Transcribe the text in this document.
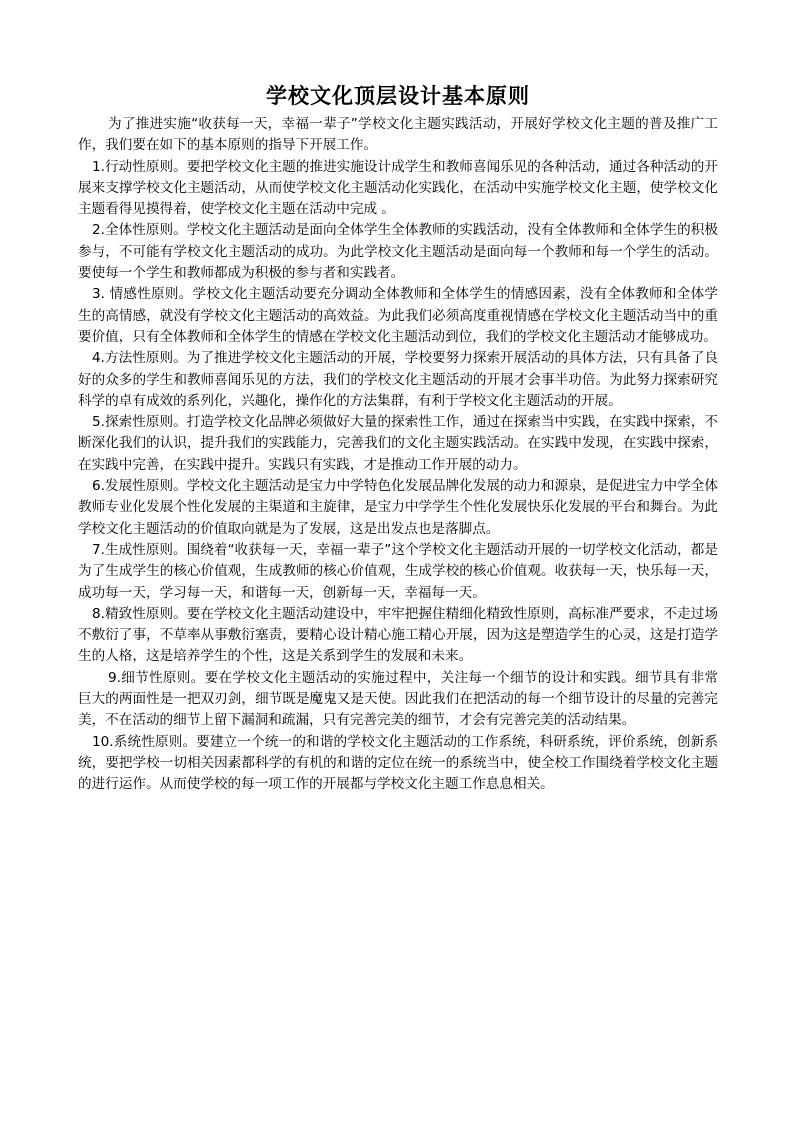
学校文化顶层设计基本原则

为了推进实施“收获每一天，幸福一辈子”学校文化主题实践活动，开展好学校文化主题的普及推广工作，我们要在如下的基本原则的指导下开展工作。

1.行动性原则。要把学校文化主题的推进实施设计成学生和教师喜闻乐见的各种活动，通过各种活动的开展来支撑学校文化主题活动，从而使学校文化主题活动化实践化，在活动中实施学校文化主题，使学校文化主题看得见摸得着，使学校文化主题在活动中完成 。

2.全体性原则。学校文化主题活动是面向全体学生全体教师的实践活动，没有全体教师和全体学生的积极参与，不可能有学校文化主题活动的成功。为此学校文化主题活动是面向每一个教师和每一个学生的活动。要使每一个学生和教师都成为积极的参与者和实践者。

3. 情感性原则。学校文化主题活动要充分调动全体教师和全体学生的情感因素，没有全体教师和全体学生的高情感，就没有学校文化主题活动的高效益。为此我们必须高度重视情感在学校文化主题活动当中的重要价值，只有全体教师和全体学生的情感在学校文化主题活动到位，我们的学校文化主题活动才能够成功。

4.方法性原则。为了推进学校文化主题活动的开展，学校要努力探索开展活动的具体方法，只有具备了良好的众多的学生和教师喜闻乐见的方法，我们的学校文化主题活动的开展才会事半功倍。为此努力探索研究科学的卓有成效的系列化，兴趣化，操作化的方法集群，有利于学校文化主题活动的开展。

5.探索性原则。打造学校文化品牌必须做好大量的探索性工作，通过在探索当中实践，在实践中探索，不断深化我们的认识，提升我们的实践能力，完善我们的文化主题实践活动。在实践中发现，在实践中探索，在实践中完善，在实践中提升。实践只有实践，才是推动工作开展的动力。

6.发展性原则。学校文化主题活动是宝力中学特色化发展品牌化发展的动力和源泉，是促进宝力中学全体教师专业化发展个性化发展的主渠道和主旋律，是宝力中学学生个性化发展快乐化发展的平台和舞台。为此学校文化主题活动的价值取向就是为了发展，这是出发点也是落脚点。

7.生成性原则。围绕着“收获每一天，幸福一辈子”这个学校文化主题活动开展的一切学校文化活动，都是为了生成学生的核心价值观，生成教师的核心价值观，生成学校的核心价值观。收获每一天，快乐每一天，成功每一天，学习每一天，和谐每一天，创新每一天，幸福每一天。

8.精致性原则。要在学校文化主题活动建设中，牢牢把握住精细化精致性原则，高标准严要求，不走过场不敷衍了事，不草率从事敷衍塞责，要精心设计精心施工精心开展，因为这是塑造学生的心灵，这是打造学生的人格，这是培养学生的个性，这是关系到学生的发展和未来。

9.细节性原则。要在学校文化主题活动的实施过程中，关注每一个细节的设计和实践。细节具有非常巨大的两面性是一把双刃剑，细节既是魔鬼又是天使。因此我们在把活动的每一个细节设计的尽量的完善完美，不在活动的细节上留下漏洞和疏漏，只有完善完美的细节，才会有完善完美的活动结果。

10.系统性原则。要建立一个统一的和谐的学校文化主题活动的工作系统，科研系统，评价系统，创新系统，要把学校一切相关因素都科学的有机的和谐的定位在统一的系统当中，使全校工作围绕着学校文化主题的进行运作。从而使学校的每一项工作的开展都与学校文化主题工作息息相关。
